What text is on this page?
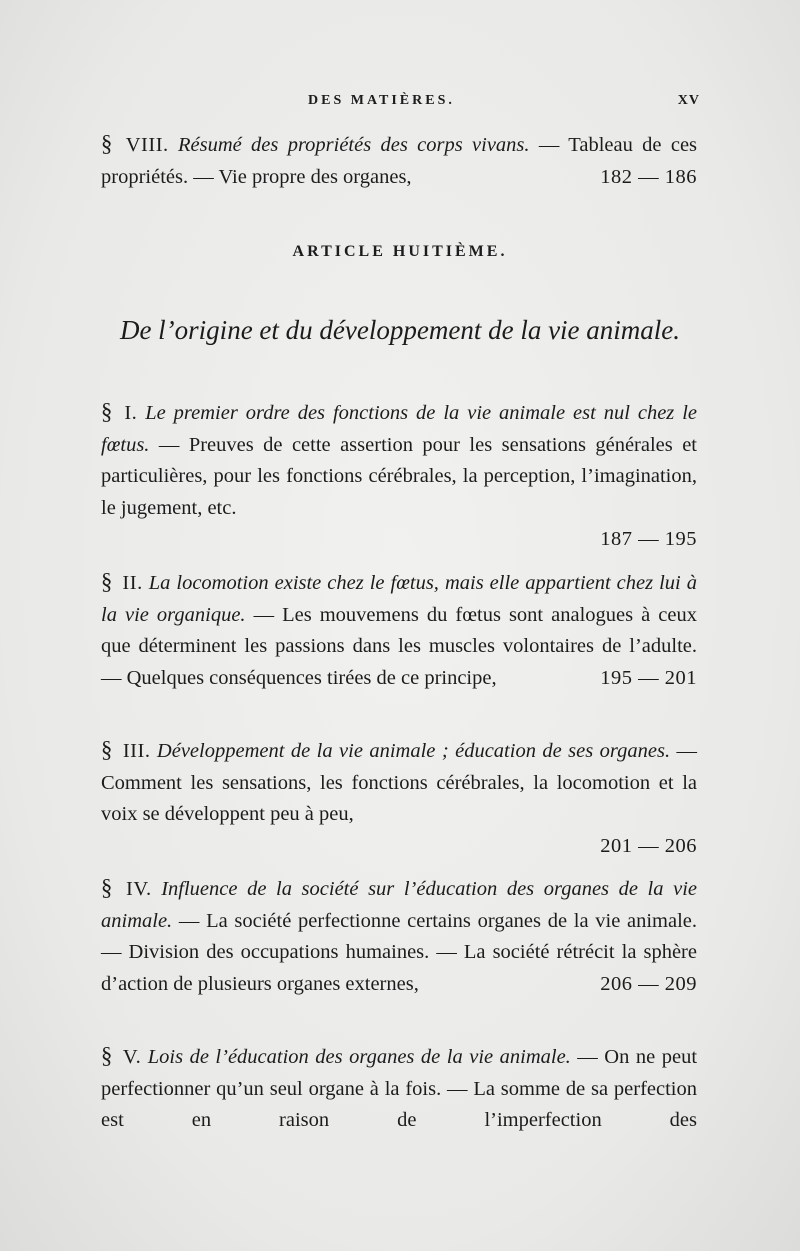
DES MATIÈRES.	XV

§ VIII. Résumé des propriétés des corps vivans. — Tableau de ces propriétés. — Vie propre des organes,	182 — 186

ARTICLE HUITIÈME.
De l’origine et du développement de la vie animale.

§ I. Le premier ordre des fonctions de la vie animale est nul chez le fœtus. — Preuves de cette assertion pour les sensations générales et particulières, pour les fonctions cérébrales, la perception, l’imagination, le jugement, etc.
187 — 195

§ II. La locomotion existe chez le fœtus, mais elle appartient chez lui à la vie organique. — Les mouvemens du fœtus sont analogues à ceux que déterminent les passions dans les muscles volontaires de l’adulte. — Quelques conséquences tirées de ce principe,	195 — 201

§ III. Développement de la vie animale ; éducation de ses organes. — Comment les sensations, les fonctions cérébrales, la locomotion et la voix se développent peu à peu,
201 — 206

§ IV. Influence de la société sur l’éducation des organes de la vie animale. — La société perfectionne certains organes de la vie animale. — Division des occupations humaines. — La société rétrécit la sphère d’action de plusieurs organes externes,	206 — 209

§ V. Lois de l’éducation des organes de la vie animale. — On ne peut perfectionner qu’un seul organe à la fois. — La somme de sa perfection est en raison de l’imperfection des
